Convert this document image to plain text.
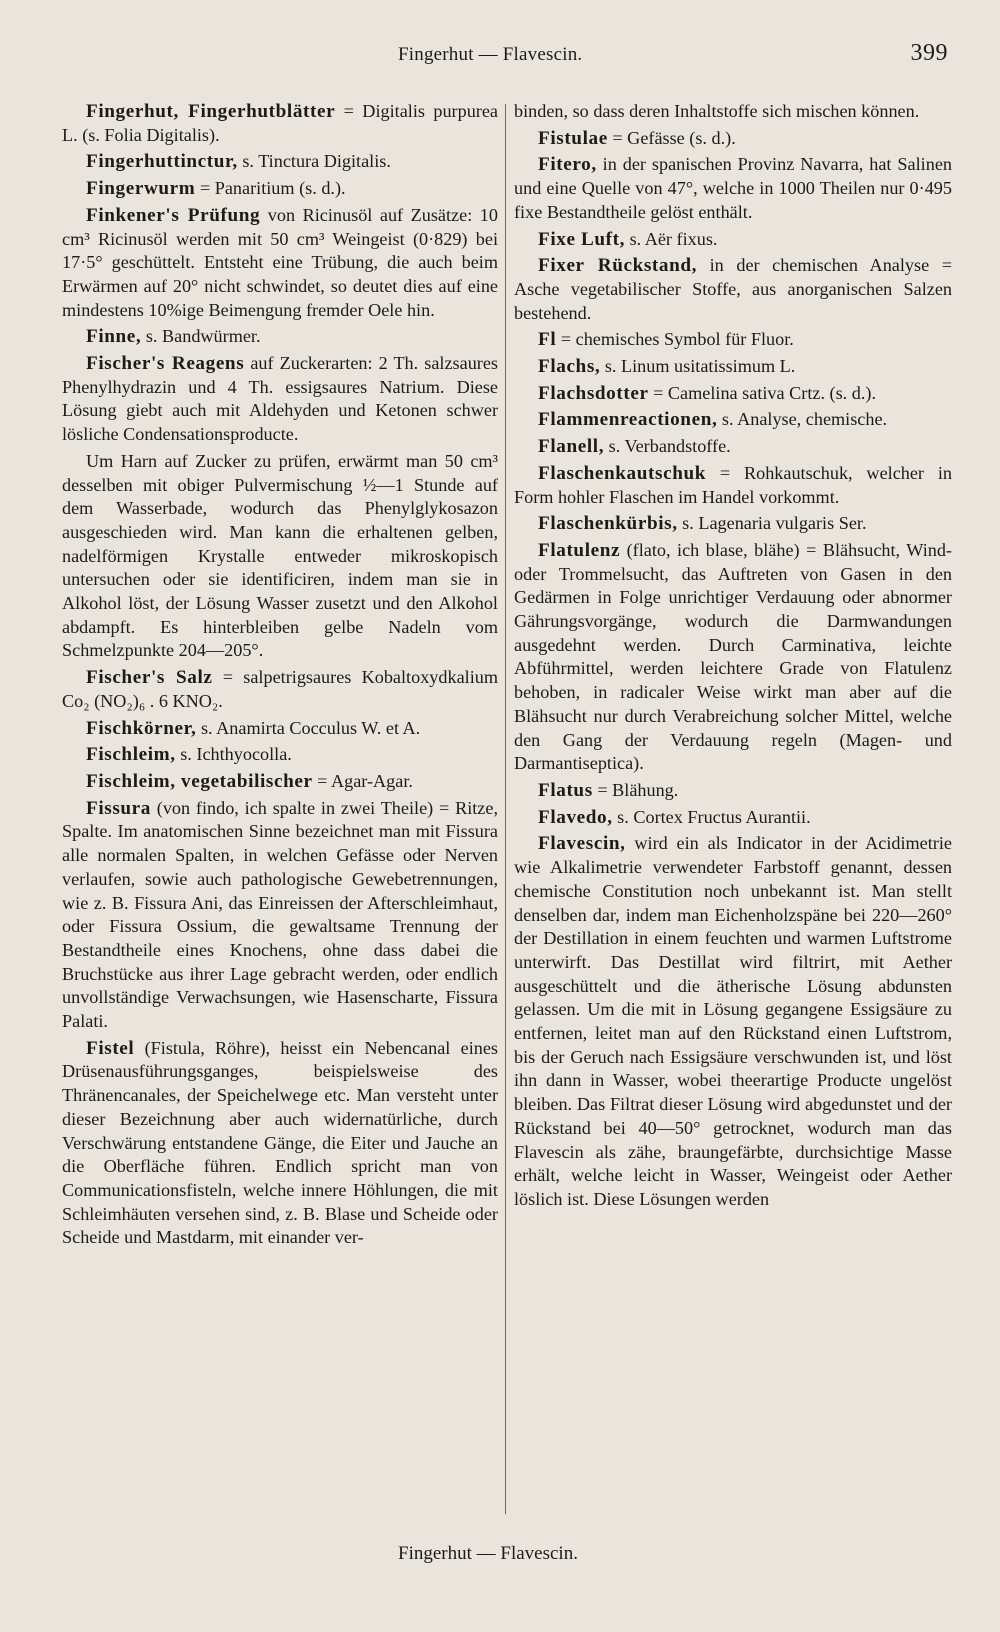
Fingerhut — Flavescin.	399

Fingerhut, Fingerhutblätter = Digitalis purpurea L. (s. Folia Digitalis).

Fingerhuttinctur, s. Tinctura Digitalis.

Fingerwurm = Panaritium (s. d.).

Finkener's Prüfung von Ricinusöl auf Zusätze: 10 cm³ Ricinusöl werden mit 50 cm³ Weingeist (0·829) bei 17·5° geschüttelt. Entsteht eine Trübung, die auch beim Erwärmen auf 20° nicht schwindet, so deutet dies auf eine mindestens 10%ige Beimengung fremder Oele hin.

Finne, s. Bandwürmer.

Fischer's Reagens auf Zuckerarten: 2 Th. salzsaures Phenylhydrazin und 4 Th. essigsaures Natrium. Diese Lösung giebt auch mit Aldehyden und Ketonen schwer lösliche Condensationsproducte.

Um Harn auf Zucker zu prüfen, erwärmt man 50 cm³ desselben mit obiger Pulvermischung ½—1 Stunde auf dem Wasserbade, wodurch das Phenylglykosazon ausgeschieden wird. Man kann die erhaltenen gelben, nadelförmigen Krystalle entweder mikroskopisch untersuchen oder sie identificiren, indem man sie in Alkohol löst, der Lösung Wasser zusetzt und den Alkohol abdampft. Es hinterbleiben gelbe Nadeln vom Schmelzpunkte 204—205°.

Fischer's Salz = salpetrigsaures Kobaltoxydkalium Co₂ (NO₂)₆ . 6 KNO₂.

Fischkörner, s. Anamirta Cocculus W. et A.

Fischleim, s. Ichthyocolla.

Fischleim, vegetabilischer = Agar-Agar.

Fissura (von findo, ich spalte in zwei Theile) = Ritze, Spalte. Im anatomischen Sinne bezeichnet man mit Fissura alle normalen Spalten, in welchen Gefässe oder Nerven verlaufen, sowie auch pathologische Gewebetrennungen, wie z. B. Fissura Ani, das Einreissen der Afterschleimhaut, oder Fissura Ossium, die gewaltsame Trennung der Bestandtheile eines Knochens, ohne dass dabei die Bruchstücke aus ihrer Lage gebracht werden, oder endlich unvollständige Verwachsungen, wie Hasenscharte, Fissura Palati.

Fistel (Fistula, Röhre), heisst ein Nebencanal eines Drüsenausführungsganges, beispielsweise des Thränencanales, der Speichelwege etc. Man versteht unter dieser Bezeichnung aber auch widernatürliche, durch Verschwärung entstandene Gänge, die Eiter und Jauche an die Oberfläche führen. Endlich spricht man von Communicationsfisteln, welche innere Höhlungen, die mit Schleimhäuten versehen sind, z. B. Blase und Scheide oder Scheide und Mastdarm, mit einander ver-

binden, so dass deren Inhaltstoffe sich mischen können.

Fistulae = Gefässe (s. d.).

Fitero, in der spanischen Provinz Navarra, hat Salinen und eine Quelle von 47°, welche in 1000 Theilen nur 0·495 fixe Bestandtheile gelöst enthält.

Fixe Luft, s. Aër fixus.

Fixer Rückstand, in der chemischen Analyse = Asche vegetabilischer Stoffe, aus anorganischen Salzen bestehend.

Fl = chemisches Symbol für Fluor.

Flachs, s. Linum usitatissimum L.

Flachsdotter = Camelina sativa Crtz. (s. d.).

Flammenreactionen, s. Analyse, chemische.

Flanell, s. Verbandstoffe.

Flaschenkautschuk = Rohkautschuk, welcher in Form hohler Flaschen im Handel vorkommt.

Flaschenkürbis, s. Lagenaria vulgaris Ser.

Flatulenz (flato, ich blase, blähe) = Blähsucht, Wind- oder Trommelsucht, das Auftreten von Gasen in den Gedärmen in Folge unrichtiger Verdauung oder abnormer Gährungsvorgänge, wodurch die Darmwandungen ausgedehnt werden. Durch Carminativa, leichte Abführmittel, werden leichtere Grade von Flatulenz behoben, in radicaler Weise wirkt man aber auf die Blähsucht nur durch Verabreichung solcher Mittel, welche den Gang der Verdauung regeln (Magen- und Darmantiseptica).

Flatus = Blähung.

Flavedo, s. Cortex Fructus Aurantii.

Flavescin, wird ein als Indicator in der Acidimetrie wie Alkalimetrie verwendeter Farbstoff genannt, dessen chemische Constitution noch unbekannt ist. Man stellt denselben dar, indem man Eichenholzspäne bei 220—260° der Destillation in einem feuchten und warmen Luftstrome unterwirft. Das Destillat wird filtrirt, mit Aether ausgeschüttelt und die ätherische Lösung abdunsten gelassen. Um die mit in Lösung gegangene Essigsäure zu entfernen, leitet man auf den Rückstand einen Luftstrom, bis der Geruch nach Essigsäure verschwunden ist, und löst ihn dann in Wasser, wobei theerartige Producte ungelöst bleiben. Das Filtrat dieser Lösung wird abgedunstet und der Rückstand bei 40—50° getrocknet, wodurch man das Flavescin als zähe, braungefärbte, durchsichtige Masse erhält, welche leicht in Wasser, Weingeist oder Aether löslich ist. Diese Lösungen werden

Fingerhut — Flavescin.
